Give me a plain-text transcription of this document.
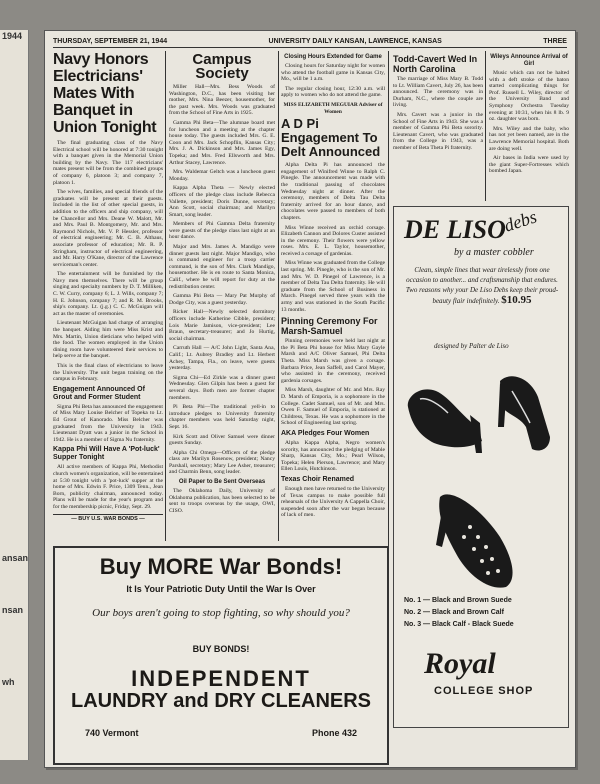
1944
ansan
nsan
wh
THURSDAY, SEPTEMBER 21, 1944	UNIVERSITY DAILY KANSAN, LAWRENCE, KANSAS	THREE
Navy Honors Electricians' Mates With Banquet in Union Tonight

The final graduating class of the Navy Electrical school will be honored at 7:30 tonight with a banquet given in the Memorial Union building by the Navy. The 117 electricians' mates present will be from the combined groups of company 6, platoon 3; and company 7, platoon 1.

The wives, families, and special friends of the graduates will be present at their guests. Included in the list of other special guests, in addition to the officers and ship company, will be Chancellor and Mrs. Deane W. Malott, Mr. and Mrs. Paul B. Montgomery, Mr. and Mrs. Raymond Nichols, Mr. V. P. Hessler, professor of electrical engineering; Mr. C. B. Althaus, associate professor of education; Mr. R. P. Stringham, instructor of electrical engineering, and Mr. Harry O'Kane, director of the Lawrence serviceman's center.

The entertainment will be furnished by the Navy men themselves. There will be group singing and specialty numbers by D. T. Milliken, C. W. Curry, company 6; L. J. Wills, company 7; H. E. Johnson, company 7; and R. M. Brooks, ship's company. Lt. (j.g.) C. C. McGuigan will act as the master of ceremonies.

Lieutenant McGuigan had charge of arranging the banquet. Aiding him were Miss Krist and Mrs. Martin, Union dieticians who helped with the food. The women employed in the Union dining room have volunteered their services to help serve at the banquet.

This is the final class of electricians to leave the University. The unit began training on the campus in February.

Engagement Announced Of Grout and Former Student

Sigma Phi Beta has announced the engagement of Miss Mary Louise Belcher of Topeka to Lt. Ed Grout of Kanorado. Miss Belcher was graduated from the University in 1943. Lieutenant Dyatt was a junior in the School in 1942. He is a member of Sigma Nu fraternity.

Kappa Phi Will Have A 'Pot-luck' Supper Tonight

All active members of Kappa Phi, Methodist church women's organization, will be entertained at 5:30 tonight with a 'pot-luck' supper at the home of Mrs. Edwin F. Price, 1309 Tenn., Jean Born, publicity chairman, announced today. Plans will be made for the year's program and for the membership picnic, Friday, Sept. 29.

— BUY U.S. WAR BONDS —
Campus Society

Miller Hall—Mrs. Bess Woods of Washington, D.C., has been visiting her mother, Mrs. Nina Beezer, housemother, for the past week. Mrs. Woods was graduated from the School of Fine Arts in 1925.

Gamma Phi Beta—The alumnae board met for luncheon and a meeting at the chapter house today. The guests included Mrs. G. E. Coon and Mrs. Jack Schopflin, Kansas City; Mrs. J. A. Dickinson and Mrs. James Egy, Topeka; and Mrs. Fred Ellsworth and Mrs. Arthur Stacey, Lawrence.

Mrs. Waldemar Geltch was a luncheon guest Monday.

Kappa Alpha Theta — Newly elected officers of the pledge class include Rebecca Vallette, president; Doris Dunne, secretary; Ann Scott, social chairman; and Marilyn Smart, song leader.

Members of Phi Gamma Delta fraternity were guests of the pledge class last night at an hour dance.

Major and Mrs. James A. Mandigo were dinner guests last night. Major Mandigo, who is command engineer for a troop carrier command, is the son of Mrs. Clark Mandigo, housemother. He is en route to Santa Monica, Calif., where he will report for duty at the redistribution center.

Gamma Phi Beta — Mary Pat Murphy of Dodge City, was a guest yesterday.

Ricker Hall—Newly selected dormitory officers include Katherine Cibble, president; Lois Marie Jamison, vice-president; Lee Braun, secretary-treasurer; and Jo Hurtig, social chairman.

Carruth Hall — A/C John Light, Santa Ana, Calif.; Lt. Aubrey Bradley and Lt. Herbert Achey, Tampa, Fla., on leave, were guests yesterday.

Sigma Chi—Ed Zirkle was a dinner guest Wednesday. Glen Gilpin has been a guest for several days. Both men are former chapter members.

Pi Beta Phi—The traditional yell-in to introduce pledges to University fraternity chapter members was held Saturday night, Sept. 16.

Kirk Scott and Oliver Samuel were dinner guests Sunday.

Alpha Chi Omega—Officers of the pledge class are Marilyn Rosenow, president; Nancy Parshall, secretary; Mary Lee Asher, treasurer; and Charmin Benn, song leader.

Oil Paper to Be Sent Overseas

The Oklahoma Daily, University of Oklahoma publication, has been selected to be sent to troops overseas by the usage, OWI, CISO.

Closing Hours Extended for Game

Closing hours for Saturday night for women who attend the football game in Kansas City, Mo., will be 1 a.m.

The regular closing hour, 12:30 a.m. will apply to women who do not attend the game.

MISS ELIZABETH MEGUIAR Adviser of Women
A D Pi Engagement To Delt Announced

Alpha Delta Pi has announced the engagement of Winifred Winne to Ralph C. Pinegle. The announcement was made with the traditional passing of chocolates Wednesday night at dinner. After the ceremony, members of Delta Tau Delta fraternity arrived for an hour dance, and chocolates were passed to members of both chapters.

Miss Winne received an orchid corsage. Elizabeth Cannon and Dolores Custer assisted in the ceremony. Their flowers were yellow roses. Mrs. E. L. Taylor, housemother, received a corsage of gardenias.

Miss Winne was graduated from the College last spring. Mr. Pinegle, who is the son of Mr. and Mrs. W. D. Pinegel of Lawrence, is a member of Delta Tau Delta fraternity. He will graduate from the School of Business in March. Pinegel served three years with the army and was stationed in the South Pacific 13 months.

Pinning Ceremony For Marsh-Samuel

Pinning ceremonies were held last night at the Pi Beta Phi house for Miss Mary Gayle Marsh and A/C Oliver Samuel, Phi Delta Theta. Miss Marsh was given a corsage. Barbara Price, Jean Saffell, and Carol Mayer, who assisted in the ceremony, received gardenia corsages.

Miss Marsh, daughter of Mr. and Mrs. Ray D. Marsh of Emporia, is a sophomore in the College. Cadet Samuel, son of Mr. and Mrs. Owen F. Samuel of Emporia, is stationed at Childress, Texas. He was a sophomore in the School of Engineering last spring.

AKA Pledges Four Women

Alpha Kappa Alpha, Negro women's sorority, has announced the pledging of Mable Sharp, Kansas City, Mo.; Pearl Wilson, Topeka; Helen Pierson, Lawrence; and Mary Ellen Louis, Hutchinson.

Texas Choir Renamed

Enough men have returned to the University of Texas campus to make possible full rehearsals of the University A Cappella Choir, suspended soon after the war began because of lack of men.

Todd-Cavert Wed In North Carolina

The marriage of Miss Mary B. Todd to Lt. William Cavert, July 26, has been announced. The ceremony was in Durham, N.C., where the couple are living.

Mrs. Cavert was a junior in the School of Fine Arts in 1943. She was a member of Gamma Phi Beta sorority. Lieutenant Cavert, who was graduated from the College in 1943, was a member of Beta Theta Pi fraternity.

Wileys Announce Arrival of Girl

Music which can not be halted with a deft stroke of the baton started complicating things for Prof. Russell L. Wiley, director of the University Band and Symphony Orchestra Tuesday evening at 10:31, when his 8 lb. 9 oz. daughter was born.

Mrs. Wiley and the baby, who has not yet been named, are in the Lawrence Memorial hospital. Both are doing well.

Air bases in India were used by the giant Super-Fortresses which bombed Japan.

DE LISO
debs
by a master cobbler
Clean, simple lines that wear tirelessly from one occasion to another... and craftsmanship that endures. Two reasons why your De Liso Debs keep their proud-beauty flair indefinitely. $10.95
designed by Palter de Liso
No. 1 — Black and Brown Suede
No. 2 — Black and Brown Calf
No. 3 — Black Calf - Black Suede
Royal
COLLEGE SHOP
Buy MORE War Bonds!
It Is Your Patriotic Duty Until the War Is Over
Our boys aren't going to stop fighting, so why should you?
BUY BONDS!
INDEPENDENT
LAUNDRY and DRY CLEANERS
740 Vermont	Phone 432
